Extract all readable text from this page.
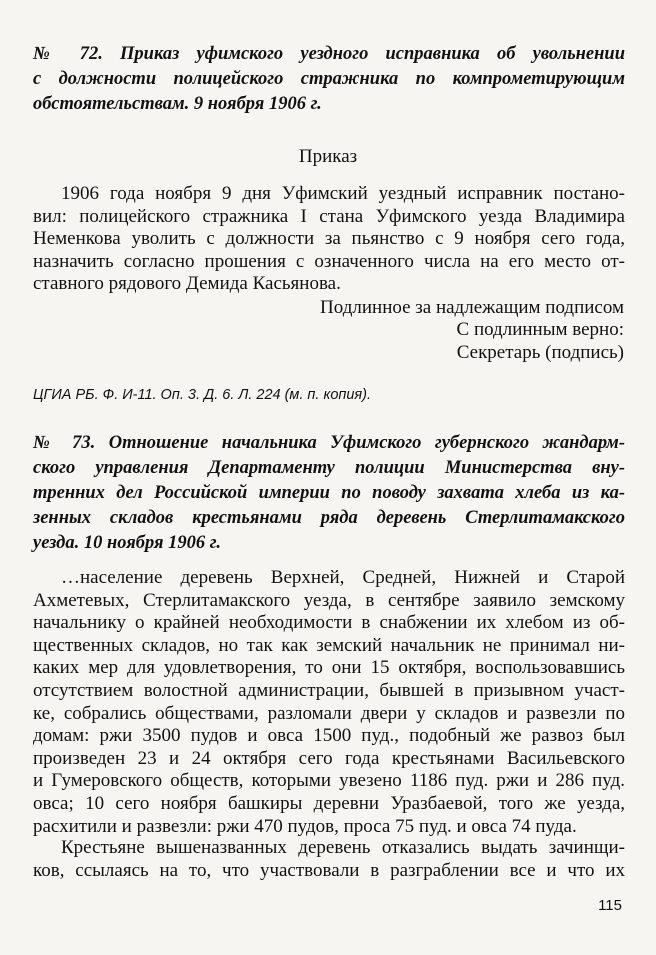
№ 72. Приказ уфимского уездного исправника об увольнении
с должности полицейского стражника по компрометирующим
обстоятельствам. 9 ноября 1906 г.
Приказ
1906 года ноября 9 дня Уфимский уездный исправник постано-
вил: полицейского стражника I стана Уфимского уезда Владимира
Неменкова уволить с должности за пьянство с 9 ноября сего года,
назначить согласно прошения с означенного числа на его место от-
ставного рядового Демида Касьянова.
Подлинное за надлежащим подписом
С подлинным верно:
Секретарь (подпись)
ЦГИА РБ. Ф. И-11. Оп. 3. Д. 6. Л. 224 (м. п. копия).
№ 73. Отношение начальника Уфимского губернского жандарм-
ского управления Департаменту полиции Министерства вну-
тренних дел Российской империи по поводу захвата хлеба из ка-
зенных складов крестьянами ряда деревень Стерлитамакского
уезда. 10 ноября 1906 г.
…население деревень Верхней, Средней, Нижней и Старой
Ахметевых, Стерлитамакского уезда, в сентябре заявило земскому
начальнику о крайней необходимости в снабжении их хлебом из об-
щественных складов, но так как земский начальник не принимал ни-
каких мер для удовлетворения, то они 15 октября, воспользовавшись
отсутствием волостной администрации, бывшей в призывном участ-
ке, собрались обществами, разломали двери у складов и развезли по
домам: ржи 3500 пудов и овса 1500 пуд., подобный же развоз был
произведен 23 и 24 октября сего года крестьянами Васильевского
и Гумеровского обществ, которыми увезено 1186 пуд. ржи и 286 пуд.
овса; 10 сего ноября башкиры деревни Уразбаевой, того же уезда,
расхитили и развезли: ржи 470 пудов, проса 75 пуд. и овса 74 пуда.
Крестьяне вышеназванных деревень отказались выдать зачинщи-
ков, ссылаясь на то, что участвовали в разграблении все и что их
115
